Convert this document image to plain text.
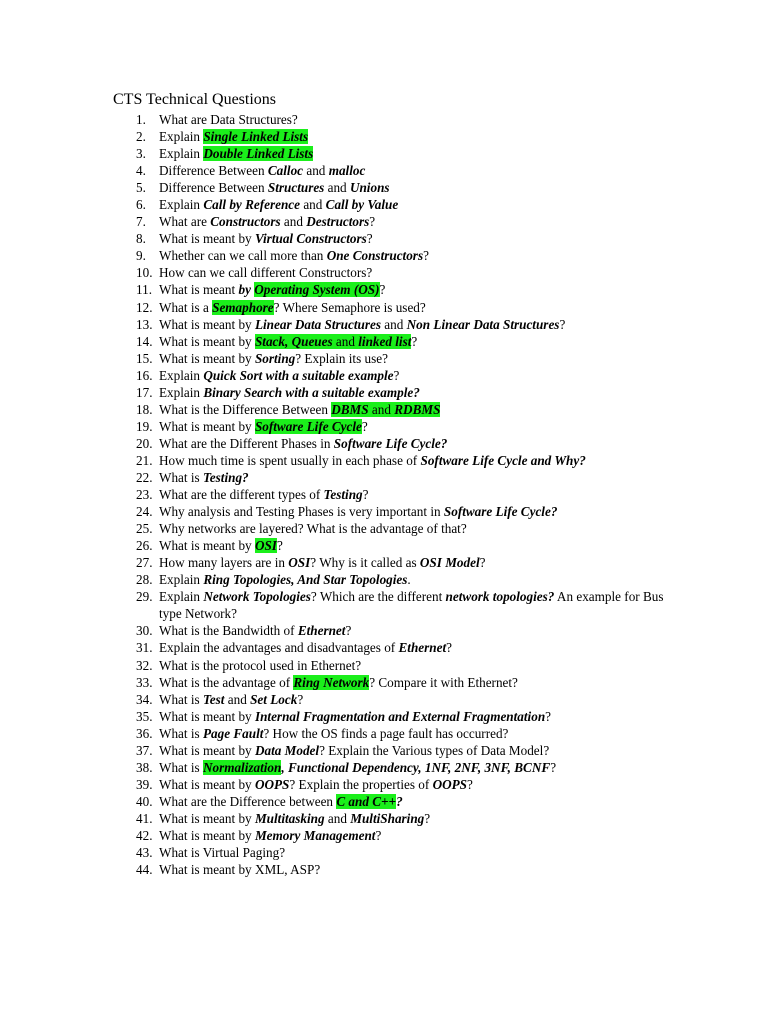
CTS Technical Questions
1. What are Data Structures?
2. Explain Single Linked Lists
3. Explain Double Linked Lists
4. Difference Between Calloc and malloc
5. Difference Between Structures and Unions
6. Explain Call by Reference and Call by Value
7. What are Constructors and Destructors?
8. What is meant by Virtual Constructors?
9. Whether can we call more than One Constructors?
10. How can we call different Constructors?
11. What is meant by Operating System (OS)?
12. What is a Semaphore? Where Semaphore is used?
13. What is meant by Linear Data Structures and Non Linear Data Structures?
14. What is meant by Stack, Queues and linked list?
15. What is meant by Sorting? Explain its use?
16. Explain Quick Sort with a suitable example?
17. Explain Binary Search with a suitable example?
18. What is the Difference Between DBMS and RDBMS
19. What is meant by Software Life Cycle?
20. What are the Different Phases in Software Life Cycle?
21. How much time is spent usually in each phase of Software Life Cycle and Why?
22. What is Testing?
23. What are the different types of Testing?
24. Why analysis and Testing Phases is very important in Software Life Cycle?
25. Why networks are layered? What is the advantage of that?
26. What is meant by OSI?
27. How many layers are in OSI? Why is it called as OSI Model?
28. Explain Ring Topologies, And Star Topologies.
29. Explain Network Topologies? Which are the different network topologies? An example for Bus type Network?
30. What is the Bandwidth of Ethernet?
31. Explain the advantages and disadvantages of Ethernet?
32. What is the protocol used in Ethernet?
33. What is the advantage of Ring Network? Compare it with Ethernet?
34. What is Test and Set Lock?
35. What is meant by Internal Fragmentation and External Fragmentation?
36. What is Page Fault? How the OS finds a page fault has occurred?
37. What is meant by Data Model? Explain the Various types of Data Model?
38. What is Normalization, Functional Dependency, 1NF, 2NF, 3NF, BCNF?
39. What is meant by OOPS? Explain the properties of OOPS?
40. What are the Difference between C and C++?
41. What is meant by Multitasking and MultiSharing?
42. What is meant by Memory Management?
43. What is Virtual Paging?
44. What is meant by XML, ASP?
